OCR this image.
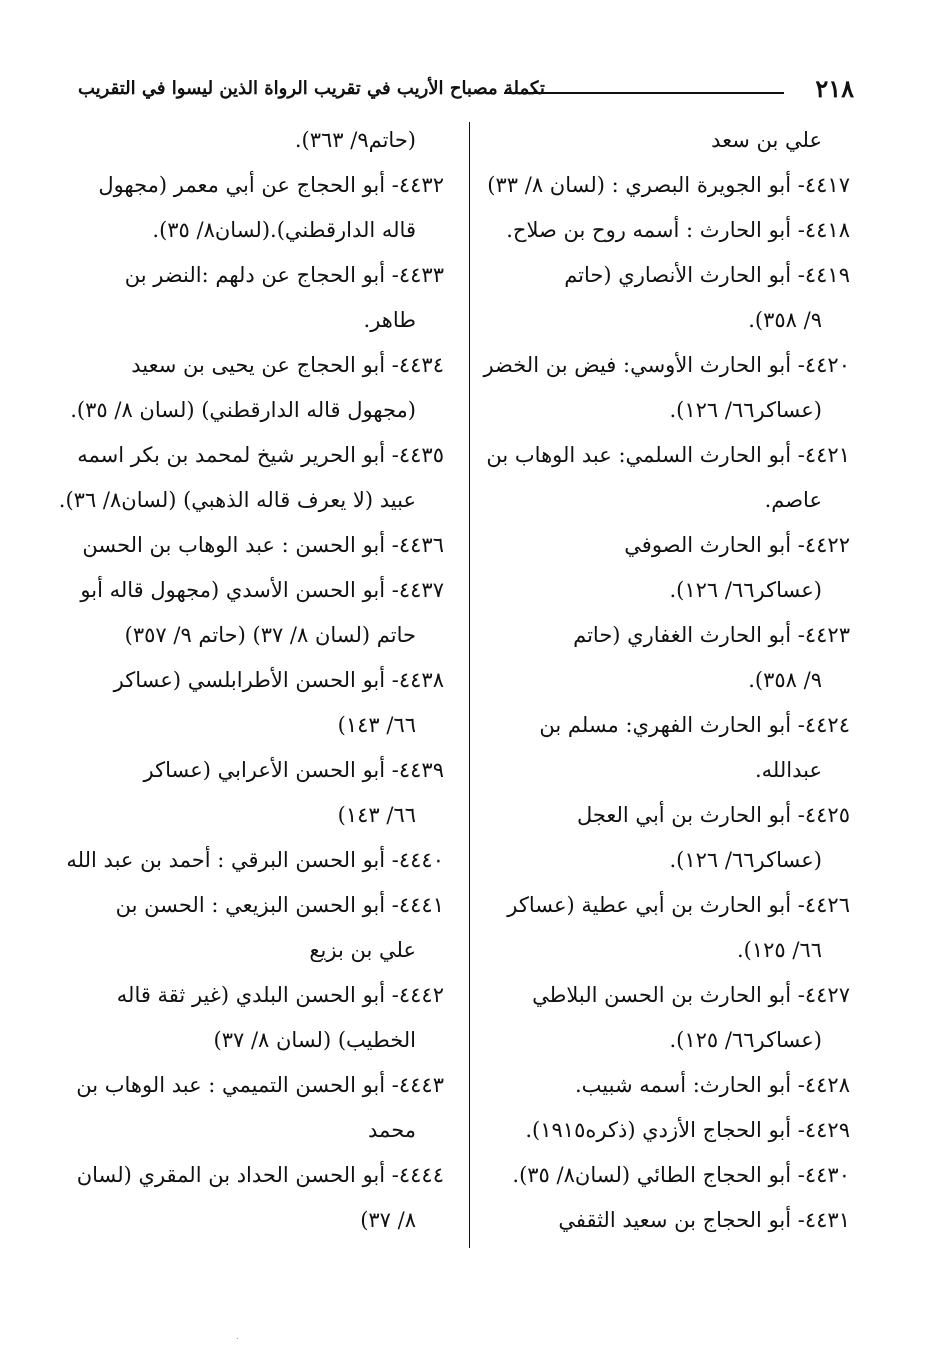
٢١٨
تكملة مصباح الأريب في تقريب الرواة الذين ليسوا في التقريب
علي بن سعد
٤٤١٧- أبو الجويرة البصري : (لسان ٨/ ٣٣)
٤٤١٨- أبو الحارث : أسمه روح بن صلاح.
٤٤١٩- أبو الحارث الأنصاري (حاتم
٩/ ٣٥٨).
٤٤٢٠- أبو الحارث الأوسي: فيض بن الخضر
(عساكر٦٦/ ١٢٦).
٤٤٢١- أبو الحارث السلمي: عبد الوهاب بن
عاصم.
٤٤٢٢- أبو الحارث الصوفي
(عساكر٦٦/ ١٢٦).
٤٤٢٣- أبو الحارث الغفاري (حاتم
٩/ ٣٥٨).
٤٤٢٤- أبو الحارث الفهري: مسلم بن
عبدالله.
٤٤٢٥- أبو الحارث بن أبي العجل
(عساكر٦٦/ ١٢٦).
٤٤٢٦- أبو الحارث بن أبي عطية (عساكر
٦٦/ ١٢٥).
٤٤٢٧- أبو الحارث بن الحسن البلاطي
(عساكر٦٦/ ١٢٥).
٤٤٢٨- أبو الحارث: أسمه شبيب.
٤٤٢٩- أبو الحجاج الأزدي (ذكره١٩١٥).
٤٤٣٠- أبو الحجاج الطائي (لسان٨/ ٣٥).
٤٤٣١- أبو الحجاج بن سعيد الثقفي
(حاتم٩/ ٣٦٣).
٤٤٣٢- أبو الحجاج عن أبي معمر (مجهول
قاله الدارقطني).(لسان٨/ ٣٥).
٤٤٣٣- أبو الحجاج عن دلهم :النضر بن
طاهر.
٤٤٣٤- أبو الحجاج عن يحيى بن سعيد
(مجهول قاله الدارقطني) (لسان ٨/ ٣٥).
٤٤٣٥- أبو الحرير شيخ لمحمد بن بكر اسمه
عبيد (لا يعرف قاله الذهبي) (لسان٨/ ٣٦).
٤٤٣٦- أبو الحسن : عبد الوهاب بن الحسن
٤٤٣٧- أبو الحسن الأسدي (مجهول قاله أبو
حاتم (لسان ٨/ ٣٧) (حاتم ٩/ ٣٥٧)
٤٤٣٨- أبو الحسن الأطرابلسي (عساكر
٦٦/ ١٤٣)
٤٤٣٩- أبو الحسن الأعرابي (عساكر
٦٦/ ١٤٣)
٤٤٤٠- أبو الحسن البرقي : أحمد بن عبد الله
٤٤٤١- أبو الحسن البزيعي : الحسن بن
علي بن بزيع
٤٤٤٢- أبو الحسن البلدي (غير ثقة قاله
الخطيب) (لسان ٨/ ٣٧)
٤٤٤٣- أبو الحسن التميمي : عبد الوهاب بن
محمد
٤٤٤٤- أبو الحسن الحداد بن المقري (لسان
٨/ ٣٧)
.
